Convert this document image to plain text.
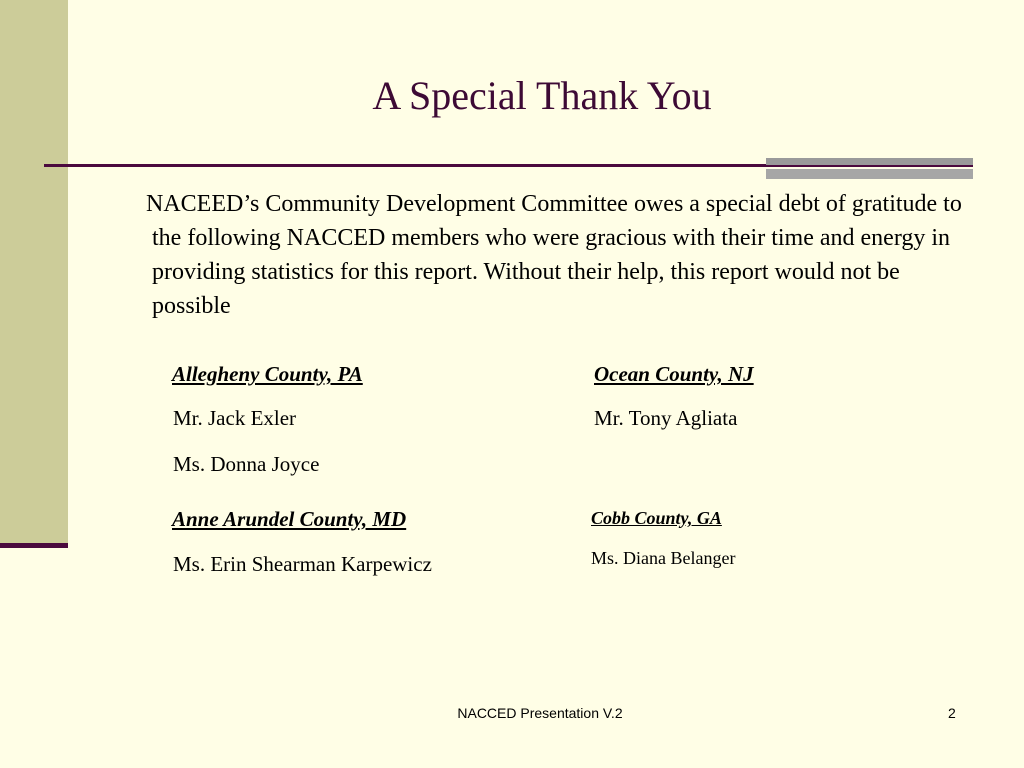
A Special Thank You
NACEED’s Community Development Committee owes a special debt of gratitude to the following NACCED members who were gracious with their time and energy in providing statistics for this report. Without their help, this report would not be possible
Allegheny County, PA
Mr. Jack Exler
Ms. Donna Joyce
Ocean County, NJ
Mr. Tony Agliata
Anne Arundel County, MD
Ms. Erin Shearman Karpewicz
Cobb County, GA
Ms. Diana Belanger
NACCED Presentation V.2	2
